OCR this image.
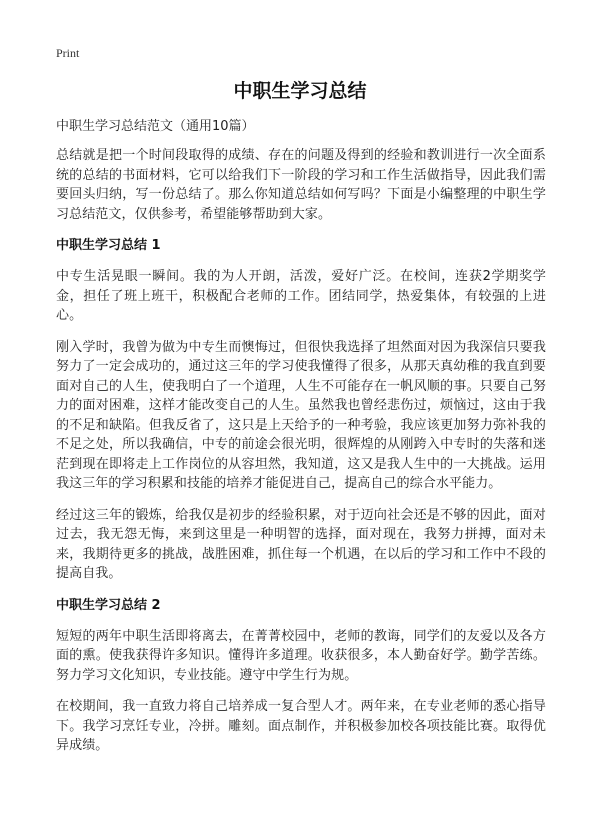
Print
中职生学习总结

中职生学习总结范文（通用10篇）

总结就是把一个时间段取得的成绩、存在的问题及得到的经验和教训进行一次全面系统的总结的书面材料，它可以给我们下一阶段的学习和工作生活做指导，因此我们需要回头归纳，写一份总结了。那么你知道总结如何写吗？下面是小编整理的中职生学习总结范文，仅供参考，希望能够帮助到大家。

中职生学习总结 1

中专生活晃眼一瞬间。我的为人开朗，活泼，爱好广泛。在校间，连获2学期奖学金，担任了班上班干，积极配合老师的工作。团结同学，热爱集体，有较强的上进心。

刚入学时，我曾为做为中专生而懊悔过，但很快我选择了坦然面对因为我深信只要我努力了一定会成功的，通过这三年的学习使我懂得了很多，从那天真幼稚的我直到要面对自己的人生，使我明白了一个道理，人生不可能存在一帆风顺的事。只要自己努力的面对困难，这样才能改变自己的人生。虽然我也曾经悲伤过，烦恼过，这由于我的不足和缺陷。但我反省了，这只是上天给予的一种考验，我应该更加努力弥补我的不足之处，所以我确信，中专的前途会很光明，很辉煌的从刚跨入中专时的失落和迷茫到现在即将走上工作岗位的从容坦然，我知道，这又是我人生中的一大挑战。运用我这三年的学习积累和技能的培养才能促进自己，提高自己的综合水平能力。

经过这三年的锻炼，给我仅是初步的经验积累，对于迈向社会还是不够的因此，面对过去，我无怨无悔，来到这里是一种明智的选择，面对现在，我努力拼搏，面对未来，我期待更多的挑战，战胜困难，抓住每一个机遇，在以后的学习和工作中不段的提高自我。

中职生学习总结 2

短短的两年中职生活即将离去，在菁菁校园中，老师的教诲，同学们的友爱以及各方面的熏。使我获得许多知识。懂得许多道理。收获很多，本人勤奋好学。勤学苦练。努力学习文化知识，专业技能。遵守中学生行为规。

在校期间，我一直致力将自己培养成一复合型人才。两年来，在专业老师的悉心指导下。我学习烹饪专业，冷拼。雕刻。面点制作，并积极参加校各项技能比赛。取得优异成绩。
